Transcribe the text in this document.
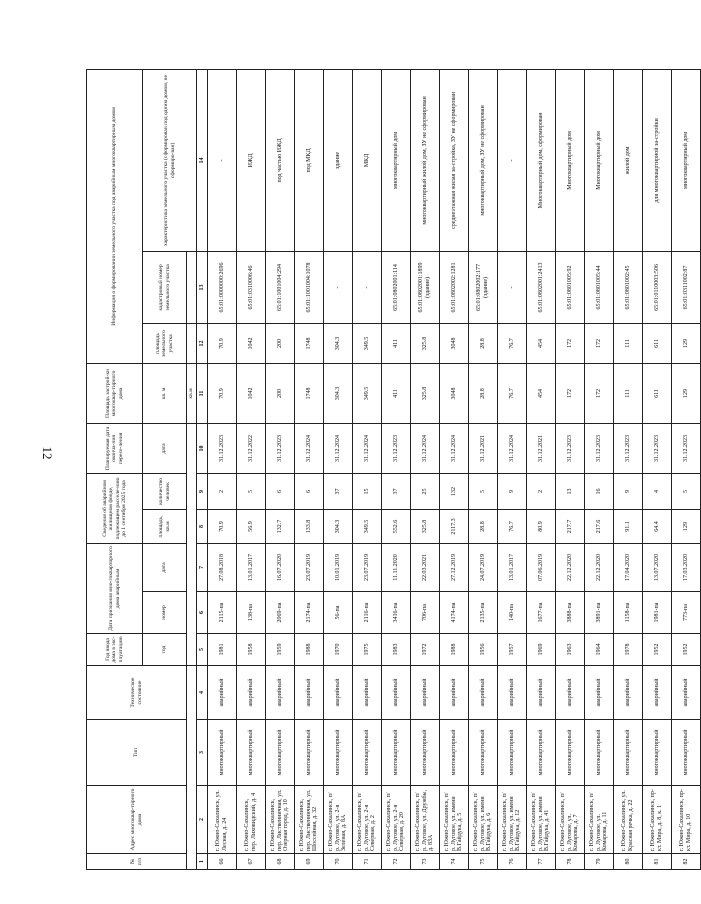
12
№ п/п	Адрес многоквар-тирного дома	Тип	Техническое состояние	Год ввода дома в экс-плуатацию	Дата признания мно-гоквартирного дома аварийным		Сведения об аварийном жилищном фонде, подлежащем расселе-нию до 1 сентября 2025 года		Планируемая дата оконча-ния пересе-ления	Площадь застрой-ки многоквар-тирного дома	Информация о формировании земельного участка под аварийным многоквартирным домом		
				год	номер	дата	площадь, кв.м	количество человек	дата	кв. м	площадь земельного участка	кадастровый номер земельного участка	характеристика земельного участка (сформирован под одним домом, не сформиро-ван)
										кв.м			
1	2	3	4	5	6	7	8	9	10	11	12	13	14
66	г. Южно-Сахалинск, ул. Лесная, д. 24	многоквартирный	аварийный	1981	2115-па	27.08.2018	70.9	2	31.12.2023	70.9	70.9	65:01:0000000:2696	-
67	г. Южно-Сахалинск, пер. Лиховидский, д. 4	многоквартирный	аварийный	1958	138-па	13.01.2017	56.9	5	31.12.2022	1042	1042	65:01:0310006:46	ИЖД
68	г. Южно-Сахалинск, пер. Лиственничная, ул. Озерная город, д. 10	многоквартирный	аварийный	1959	2069-па	16.07.2020	132.7	6	31.12.2023	200	200	65:01:1001004:294	под частью ИЖД
69	г. Южно-Сахалинск, пер. Лиственничная, ул. Шоссейная, д. 32	многоквартирный	аварийный	1988	2174-па	23.07.2019	133.8	6	31.12.2024	1748	1748	65:01:1001004:1078	под МКД
70	г. Южно-Сахалинск, п/р. Луговое, ул. 2-я Зеленая, д. 8А	многоквартирный	аварийный	1970	56-па	10.01.2019	304.3	37	31.12.2024	304.3	304.3	-	здание
71	г. Южно-Сахалинск, п/р. Луговое, ул. 2-я Северная, д. 2	многоквартирный	аварийный	1975	2116-па	23.07.2019	349.5	15	31.12.2024	349.5	349.5	-	МКД
72	г. Южно-Сахалинск, п/р. Луговое, ул. 2-я Северная, д. 20	многоквартирный	аварийный	1983	3416-па	11.11.2020	552.6	37	31.12.2023	411	411	65:01:0802001:114	многоквартирный дом
73	г. Южно-Сахалинск, п/р. Луговое, ул. Дружбы, д. 83А	многоквартирный	аварийный	1972	706-па	22.03.2021	325.8	25	31.12.2024	325.8	325.8	65:01:0802001:1899 (здание)	многоквартирный жилой дом, ЗУ не сформирован
74	г. Южно-Сахалинск, п/р. Луговое, ул. имени В.Гайдука, д. 5	многоквартирный	аварийный	1988	4174-па	27.12.2019	2117.3	132	31.12.2024	3048	3048	65:01:0802002:1281	среднеэтажная жилая за-стройка, ЗУ не сформирован
75	г. Южно-Сахалинск, п/р. Луговое, ул. имени В.Гайдука, д. 6	многоквартирный	аварийный	1956	2135-па	24.07.2019	28.8	5	31.12.2021	28.8	28.8	65:01:0802002:177 (здание)	многоквартирный дом, ЗУ не сформирован
76	г. Южно-Сахалинск, п/р. Луговое, ул. имени В.Гайдука, д. 12	многоквартирный	аварийный	1957	140-па	13.01.2017	76.7	9	31.12.2024	76.7	76.7	-	-
77	г. Южно-Сахалинск, п/р. Луговое, ул. имени В.Гайдука, д. 41	многоквартирный	аварийный	1969	1677-па	07.06.2019	80.9	2	31.12.2021	454	454	65:01:0802001:2413	Многоквартирный дом, сформирован
78	г. Южно-Сахалинск, п/р. Луговое, ул. Комарова, д. 7	многоквартирный	аварийный	1963	3888-па	22.12.2020	217.7	13	31.12.2023	172	172	65:01:0801005:92	Многоквартирный дом
79	г. Южно-Сахалинск, п/р. Луговое, ул. Комарова, д. 11	многоквартирный	аварийный	1964	3891-па	22.12.2020	217.6	16	31.12.2023	172	172	65:01:0801005:44	Многоквартирный дом
80	г. Южно-Сахалинск, ул. Красная речка, д. 22	многоквартирный	аварийный	1978	1158-па	17.04.2020	91.1	9	31.12.2023	111	111	65:01:0801002:45	жилой дом
81	г. Южно-Сахалинск, пр-кт. Мира, д. 8, к. 1	многоквартирный	аварийный	1952	1981-па	13.07.2020	64.4	4	31.12.2023	611	611	65:01:0110003:506	для многоквартирной за-стройки
82	г. Южно-Сахалинск, пр-кт. Мира, д. 10	многоквартирный	аварийный	1952	773-па	17.03.2020	129	5	31.12.2023	129	129	65:01:0311002:87	многоквартирный дом
